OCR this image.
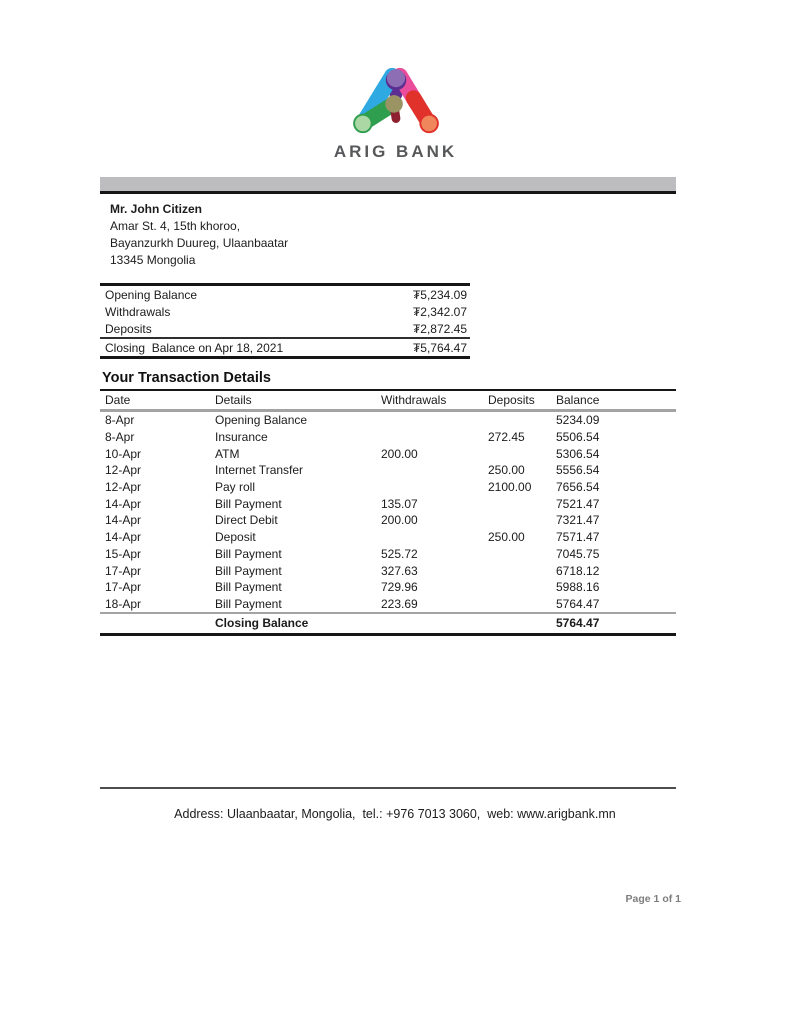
ARIG BANK
Mr. John Citizen
Amar St. 4, 15th khoroo,
Bayanzurkh Duureg, Ulaanbaatar
13345 Mongolia
Opening Balance	₮5,234.09
Withdrawals	₮2,342.07
Deposits	₮2,872.45
Closing  Balance on Apr 18, 2021	₮5,764.47
Your Transaction Details
Date	Details	Withdrawals	Deposits	Balance
8-Apr	Opening Balance			5234.09
8-Apr	Insurance		272.45	5506.54
10-Apr	ATM	200.00		5306.54
12-Apr	Internet Transfer		250.00	5556.54
12-Apr	Pay roll		2100.00	7656.54
14-Apr	Bill Payment	135.07		7521.47
14-Apr	Direct Debit	200.00		7321.47
14-Apr	Deposit		250.00	7571.47
15-Apr	Bill Payment	525.72		7045.75
17-Apr	Bill Payment	327.63		6718.12
17-Apr	Bill Payment	729.96		5988.16
18-Apr	Bill Payment	223.69		5764.47
	Closing Balance			5764.47

Address: Ulaanbaatar, Mongolia,  tel.: +976 7013 3060,  web: www.arigbank.mn

Page 1 of 1
